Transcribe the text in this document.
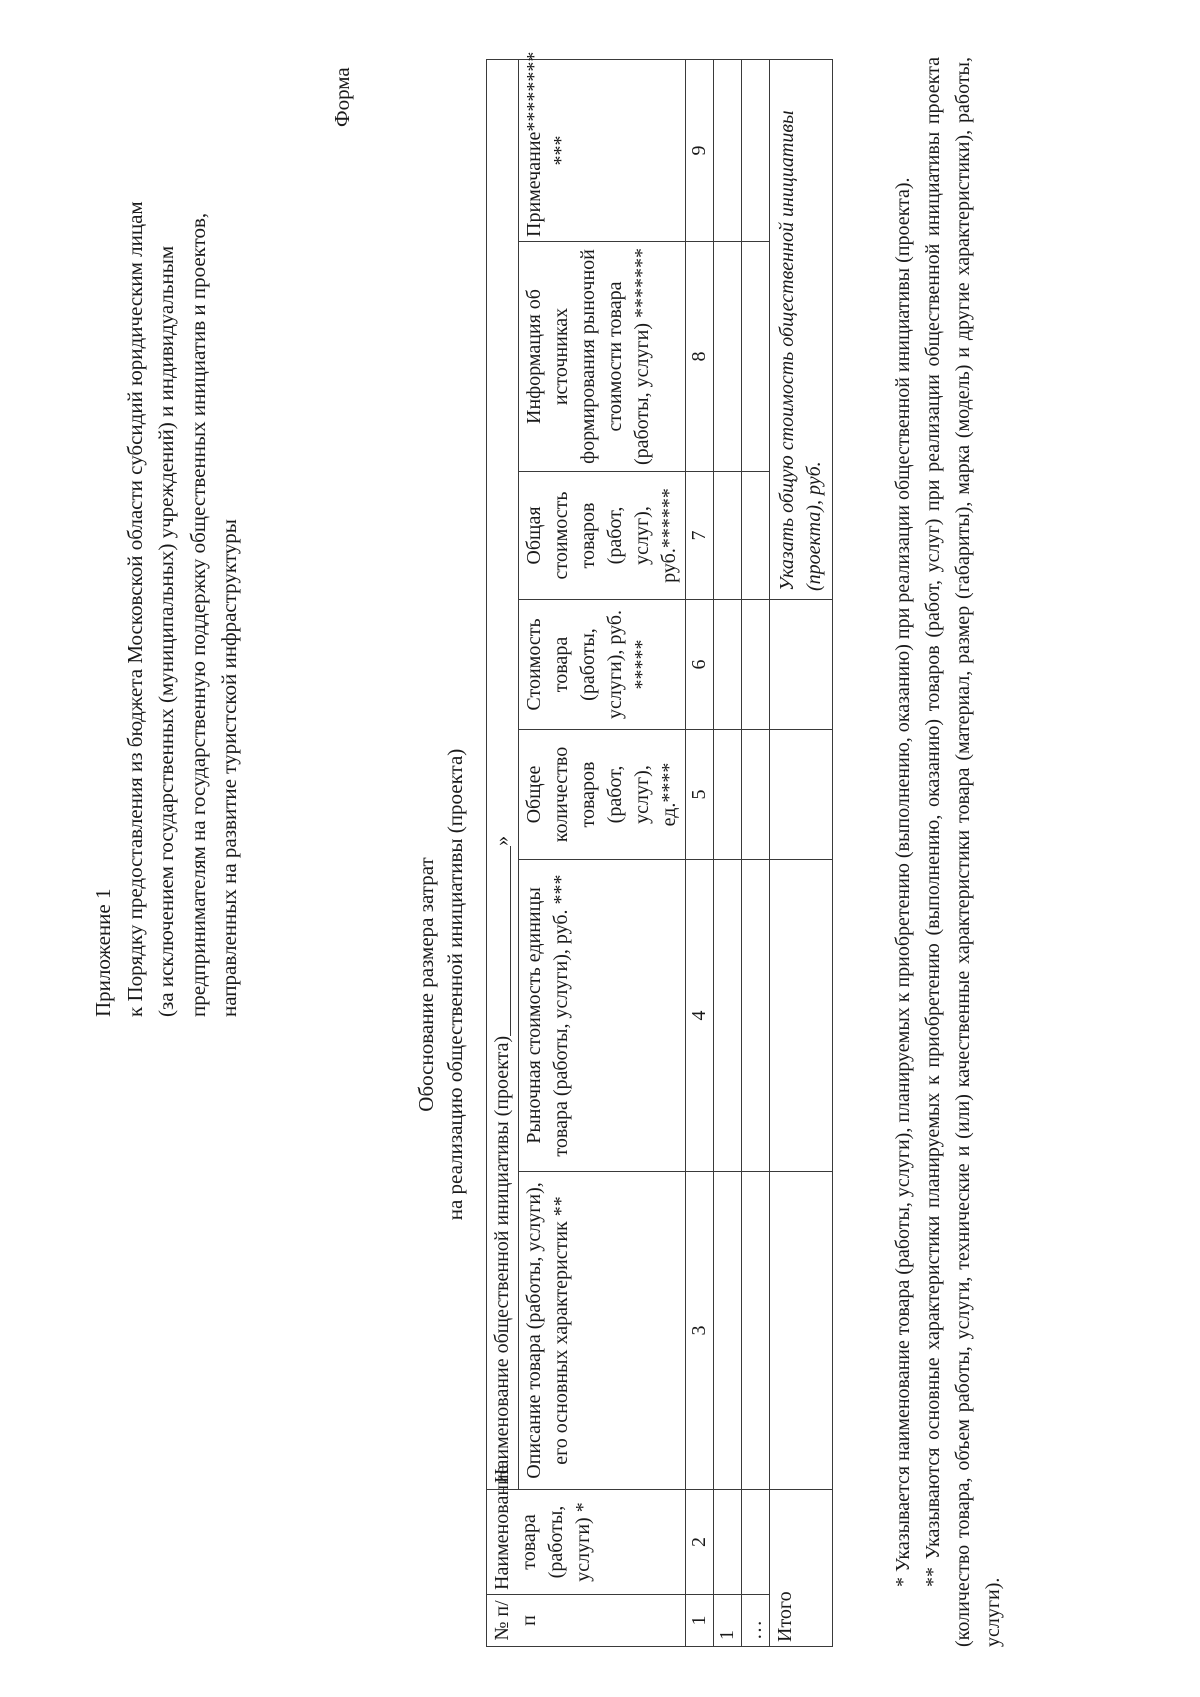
Приложение 1 к Порядку предоставления из бюджета Московской области субсидий юридическим лицам (за исключением государственных (муниципальных) учреждений) и индивидуальным предпринимателям на государственную поддержку общественных инициатив и проектов, направленных на развитие туристской инфраструктуры
Форма
Обоснование размера затрат на реализацию общественной инициативы (проекта)
№ п/п	Наименование товара (работы, услуги) *	Наименование общественной инициативы (проекта)»						
		Описание товара (работы, услуги), его основных характеристик **	Рыночная стоимость единицы товара (работы, услуги), руб. ***	Общее количество товаров (работ, услуг), ед.****	Стоимость товара (работы, услуги), руб. *****	Общая стоимость товаров (работ, услуг), руб.******	Информация об источниках формирования рыночной стоимости товара (работы, услуги) *******	Примечание******** ***
1	2	3	4	5	6	7	8	9
1								
…								
Итого						Указать общую стоимость общественной инициативы (проекта), руб.			* Указывается наименование товара (работы, услуги), планируемых к приобретению (выполнению, оказанию) при реализации общественной инициативы (проекта). ** Указываются основные характеристики планируемых к приобретению (выполнению, оказанию) товаров (работ, услуг) при реализации общественной инициативы проекта (количество товара, объем работы, услуги, технические и (или) качественные характеристики товара (материал, размер (габариты), марка (модель) и другие характеристики), работы, услуги).
